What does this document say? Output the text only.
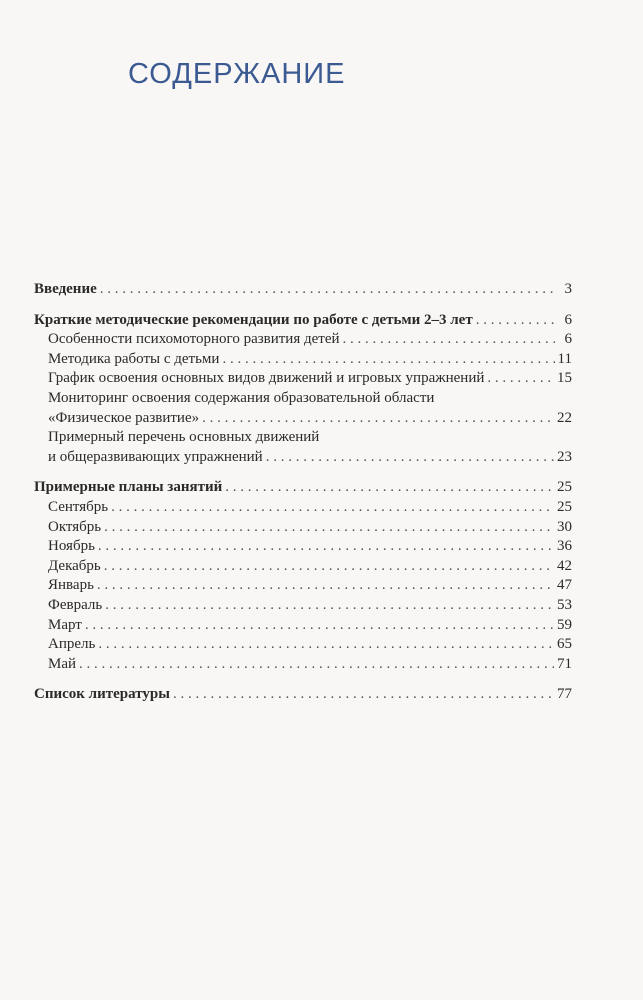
СОДЕРЖАНИЕ
Введение . . .	3
Краткие методические рекомендации по работе с детьми 2–3 лет . . .	6
Особенности психомоторного развития детей . . .	6
Методика работы с детьми . . .	11
График освоения основных видов движений и игровых упражнений . . .	15
Мониторинг освоения содержания образовательной области
«Физическое развитие» . . .	22
Примерный перечень основных движений
и общеразвивающих упражнений . . .	23
Примерные планы занятий . . .	25
Сентябрь . . .	25
Октябрь . . .	30
Ноябрь . . .	36
Декабрь . . .	42
Январь . . .	47
Февраль . . .	53
Март . . .	59
Апрель . . .	65
Май . . .	71
Список литературы . . .	77
